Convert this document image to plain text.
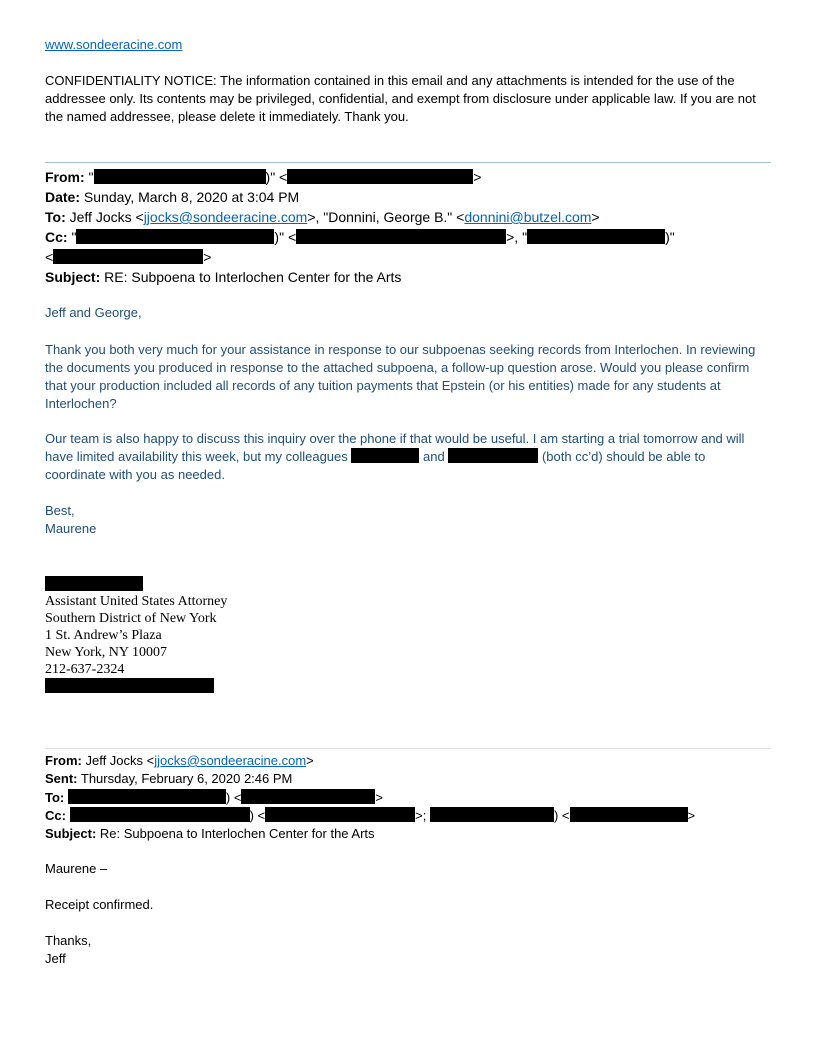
www.sondeeracine.com
CONFIDENTIALITY NOTICE: The information contained in this email and any attachments is intended for the use of the addressee only. Its contents may be privileged, confidential, and exempt from disclosure under applicable law. If you are not the named addressee, please delete it immediately. Thank you.
From: "	)" <	>
Date: Sunday, March 8, 2020 at 3:04 PM
To: Jeff Jocks <jjocks@sondeeracine.com>, "Donnini, George B." <donnini@butzel.com>
Cc: "	)" <	>, "	)"
<	>
Subject: RE: Subpoena to Interlochen Center for the Arts
Jeff and George,
Thank you both very much for your assistance in response to our subpoenas seeking records from Interlochen. In reviewing the documents you produced in response to the attached subpoena, a follow-up question arose. Would you please confirm that your production included all records of any tuition payments that Epstein (or his entities) made for any students at Interlochen?
Our team is also happy to discuss this inquiry over the phone if that would be useful. I am starting a trial tomorrow and will have limited availability this week, but my colleagues	and	(both cc’d) should be able to coordinate with you as needed.
Best,
Maurene
Assistant United States Attorney
Southern District of New York
1 St. Andrew’s Plaza
New York, NY 10007
212-637-2324
From: Jeff Jocks <jjocks@sondeeracine.com>
Sent: Thursday, February 6, 2020 2:46 PM
To:	) <	>
Cc:	) <	>;	) <	>
Subject: Re: Subpoena to Interlochen Center for the Arts
Maurene –
Receipt confirmed.
Thanks,
Jeff
